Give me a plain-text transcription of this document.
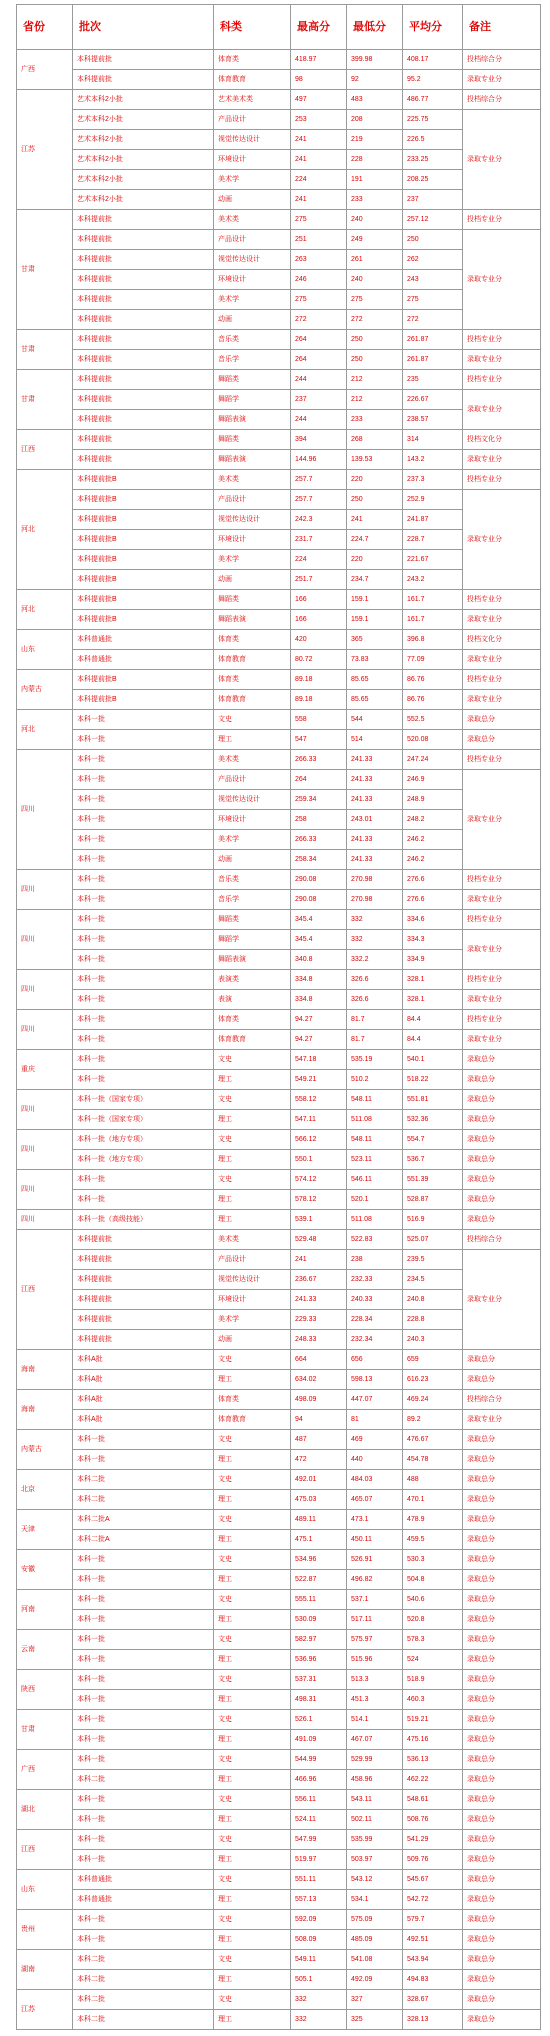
省份	批次	科类	最高分	最低分	平均分	备注
广西	本科提前批	体育类	418.97	399.98	408.17	投档综合分
	本科提前批	体育教育	98	92	95.2	录取专业分
江苏	艺术本科2小批	艺术美术类	497	483	486.77	投档综合分
	艺术本科2小批	产品设计	253	208	225.75	录取专业分
	艺术本科2小批	视觉传达设计	241	219	226.5	
	艺术本科2小批	环境设计	241	228	233.25	
	艺术本科2小批	美术学	224	191	208.25	
	艺术本科2小批	动画	241	233	237	
甘肃	本科提前批	美术类	275	240	257.12	投档专业分
	本科提前批	产品设计	251	249	250	录取专业分
	本科提前批	视觉传达设计	263	261	262	
	本科提前批	环境设计	246	240	243	
	本科提前批	美术学	275	275	275	
	本科提前批	动画	272	272	272	
甘肃	本科提前批	音乐类	264	250	261.87	投档专业分
	本科提前批	音乐学	264	250	261.87	录取专业分
甘肃	本科提前批	舞蹈类	244	212	235	投档专业分
	本科提前批	舞蹈学	237	212	226.67	录取专业分
	本科提前批	舞蹈表演	244	233	238.57	
江西	本科提前批	舞蹈类	394	268	314	投档文化分
	本科提前批	舞蹈表演	144.96	139.53	143.2	录取专业分
河北	本科提前批B	美术类	257.7	220	237.3	投档专业分
	本科提前批B	产品设计	257.7	250	252.9	录取专业分
	本科提前批B	视觉传达设计	242.3	241	241.87	
	本科提前批B	环境设计	231.7	224.7	228.7	
	本科提前批B	美术学	224	220	221.67	
	本科提前批B	动画	251.7	234.7	243.2	
河北	本科提前批B	舞蹈类	166	159.1	161.7	投档专业分
	本科提前批B	舞蹈表演	166	159.1	161.7	录取专业分
山东	本科普通批	体育类	420	365	396.8	投档文化分
	本科普通批	体育教育	80.72	73.83	77.09	录取专业分
内蒙古	本科提前批B	体育类	89.18	85.65	86.76	投档专业分
	本科提前批B	体育教育	89.18	85.65	86.76	录取专业分
河北	本科一批	文史	558	544	552.5	录取总分
	本科一批	理工	547	514	520.08	录取总分
四川	本科一批	美术类	266.33	241.33	247.24	投档专业分
	本科一批	产品设计	264	241.33	246.9	录取专业分
	本科一批	视觉传达设计	259.34	241.33	248.9	
	本科一批	环境设计	258	243.01	248.2	
	本科一批	美术学	266.33	241.33	246.2	
	本科一批	动画	258.34	241.33	246.2	
四川	本科一批	音乐类	290.08	270.98	276.6	投档专业分
	本科一批	音乐学	290.08	270.98	276.6	录取专业分
四川	本科一批	舞蹈类	345.4	332	334.6	投档专业分
	本科一批	舞蹈学	345.4	332	334.3	录取专业分
	本科一批	舞蹈表演	340.8	332.2	334.9	
四川	本科一批	表演类	334.8	326.6	328.1	投档专业分
	本科一批	表演	334.8	326.6	328.1	录取专业分
四川	本科一批	体育类	94.27	81.7	84.4	投档专业分
	本科一批	体育教育	94.27	81.7	84.4	录取专业分
重庆	本科一批	文史	547.18	535.19	540.1	录取总分
	本科一批	理工	549.21	510.2	518.22	录取总分
四川	本科一批（国家专项）	文史	558.12	548.11	551.81	录取总分
	本科一批（国家专项）	理工	547.11	511.08	532.36	录取总分
四川	本科一批（地方专项）	文史	566.12	548.11	554.7	录取总分
	本科一批（地方专项）	理工	550.1	523.11	536.7	录取总分
四川	本科一批	文史	574.12	546.11	551.39	录取总分
	本科一批	理工	578.12	520.1	528.87	录取总分
四川	本科一批（高级技能）	理工	539.1	511.08	516.9	录取总分
江西	本科提前批	美术类	529.48	522.83	525.07	投档综合分
	本科提前批	产品设计	241	238	239.5	录取专业分
	本科提前批	视觉传达设计	236.67	232.33	234.5	
	本科提前批	环境设计	241.33	240.33	240.8	
	本科提前批	美术学	229.33	228.34	228.8	
	本科提前批	动画	248.33	232.34	240.3	
海南	本科A批	文史	664	656	659	录取总分
	本科A批	理工	634.02	598.13	616.23	录取总分
海南	本科A批	体育类	498.09	447.07	469.24	投档综合分
	本科A批	体育教育	94	81	89.2	录取专业分
内蒙古	本科一批	文史	487	469	476.67	录取总分
	本科一批	理工	472	440	454.78	录取总分
北京	本科二批	文史	492.01	484.03	488	录取总分
	本科二批	理工	475.03	465.07	470.1	录取总分
天津	本科二批A	文史	489.11	473.1	478.9	录取总分
	本科二批A	理工	475.1	450.11	459.5	录取总分
安徽	本科一批	文史	534.96	526.91	530.3	录取总分
	本科一批	理工	522.87	496.82	504.8	录取总分
河南	本科一批	文史	555.11	537.1	540.6	录取总分
	本科一批	理工	530.09	517.11	520.8	录取总分
云南	本科一批	文史	582.97	575.97	578.3	录取总分
	本科一批	理工	536.96	515.96	524	录取总分
陕西	本科一批	文史	537.31	513.3	518.9	录取总分
	本科一批	理工	498.31	451.3	460.3	录取总分
甘肃	本科一批	文史	526.1	514.1	519.21	录取总分
	本科一批	理工	491.09	467.07	475.16	录取总分
广西	本科一批	文史	544.99	529.99	536.13	录取总分
	本科二批	理工	466.96	458.96	462.22	录取总分
湖北	本科一批	文史	556.11	543.11	548.61	录取总分
	本科一批	理工	524.11	502.11	508.76	录取总分
江西	本科一批	文史	547.99	535.99	541.29	录取总分
	本科一批	理工	519.97	503.97	509.76	录取总分
山东	本科普通批	文史	551.11	543.12	545.67	录取总分
	本科普通批	理工	557.13	534.1	542.72	录取总分
贵州	本科一批	文史	592.09	575.09	579.7	录取总分
	本科一批	理工	508.09	485.09	492.51	录取总分
湖南	本科二批	文史	549.11	541.08	543.94	录取总分
	本科二批	理工	505.1	492.09	494.83	录取总分
江苏	本科二批	文史	332	327	328.67	录取总分
	本科二批	理工	332	325	328.13	录取总分
